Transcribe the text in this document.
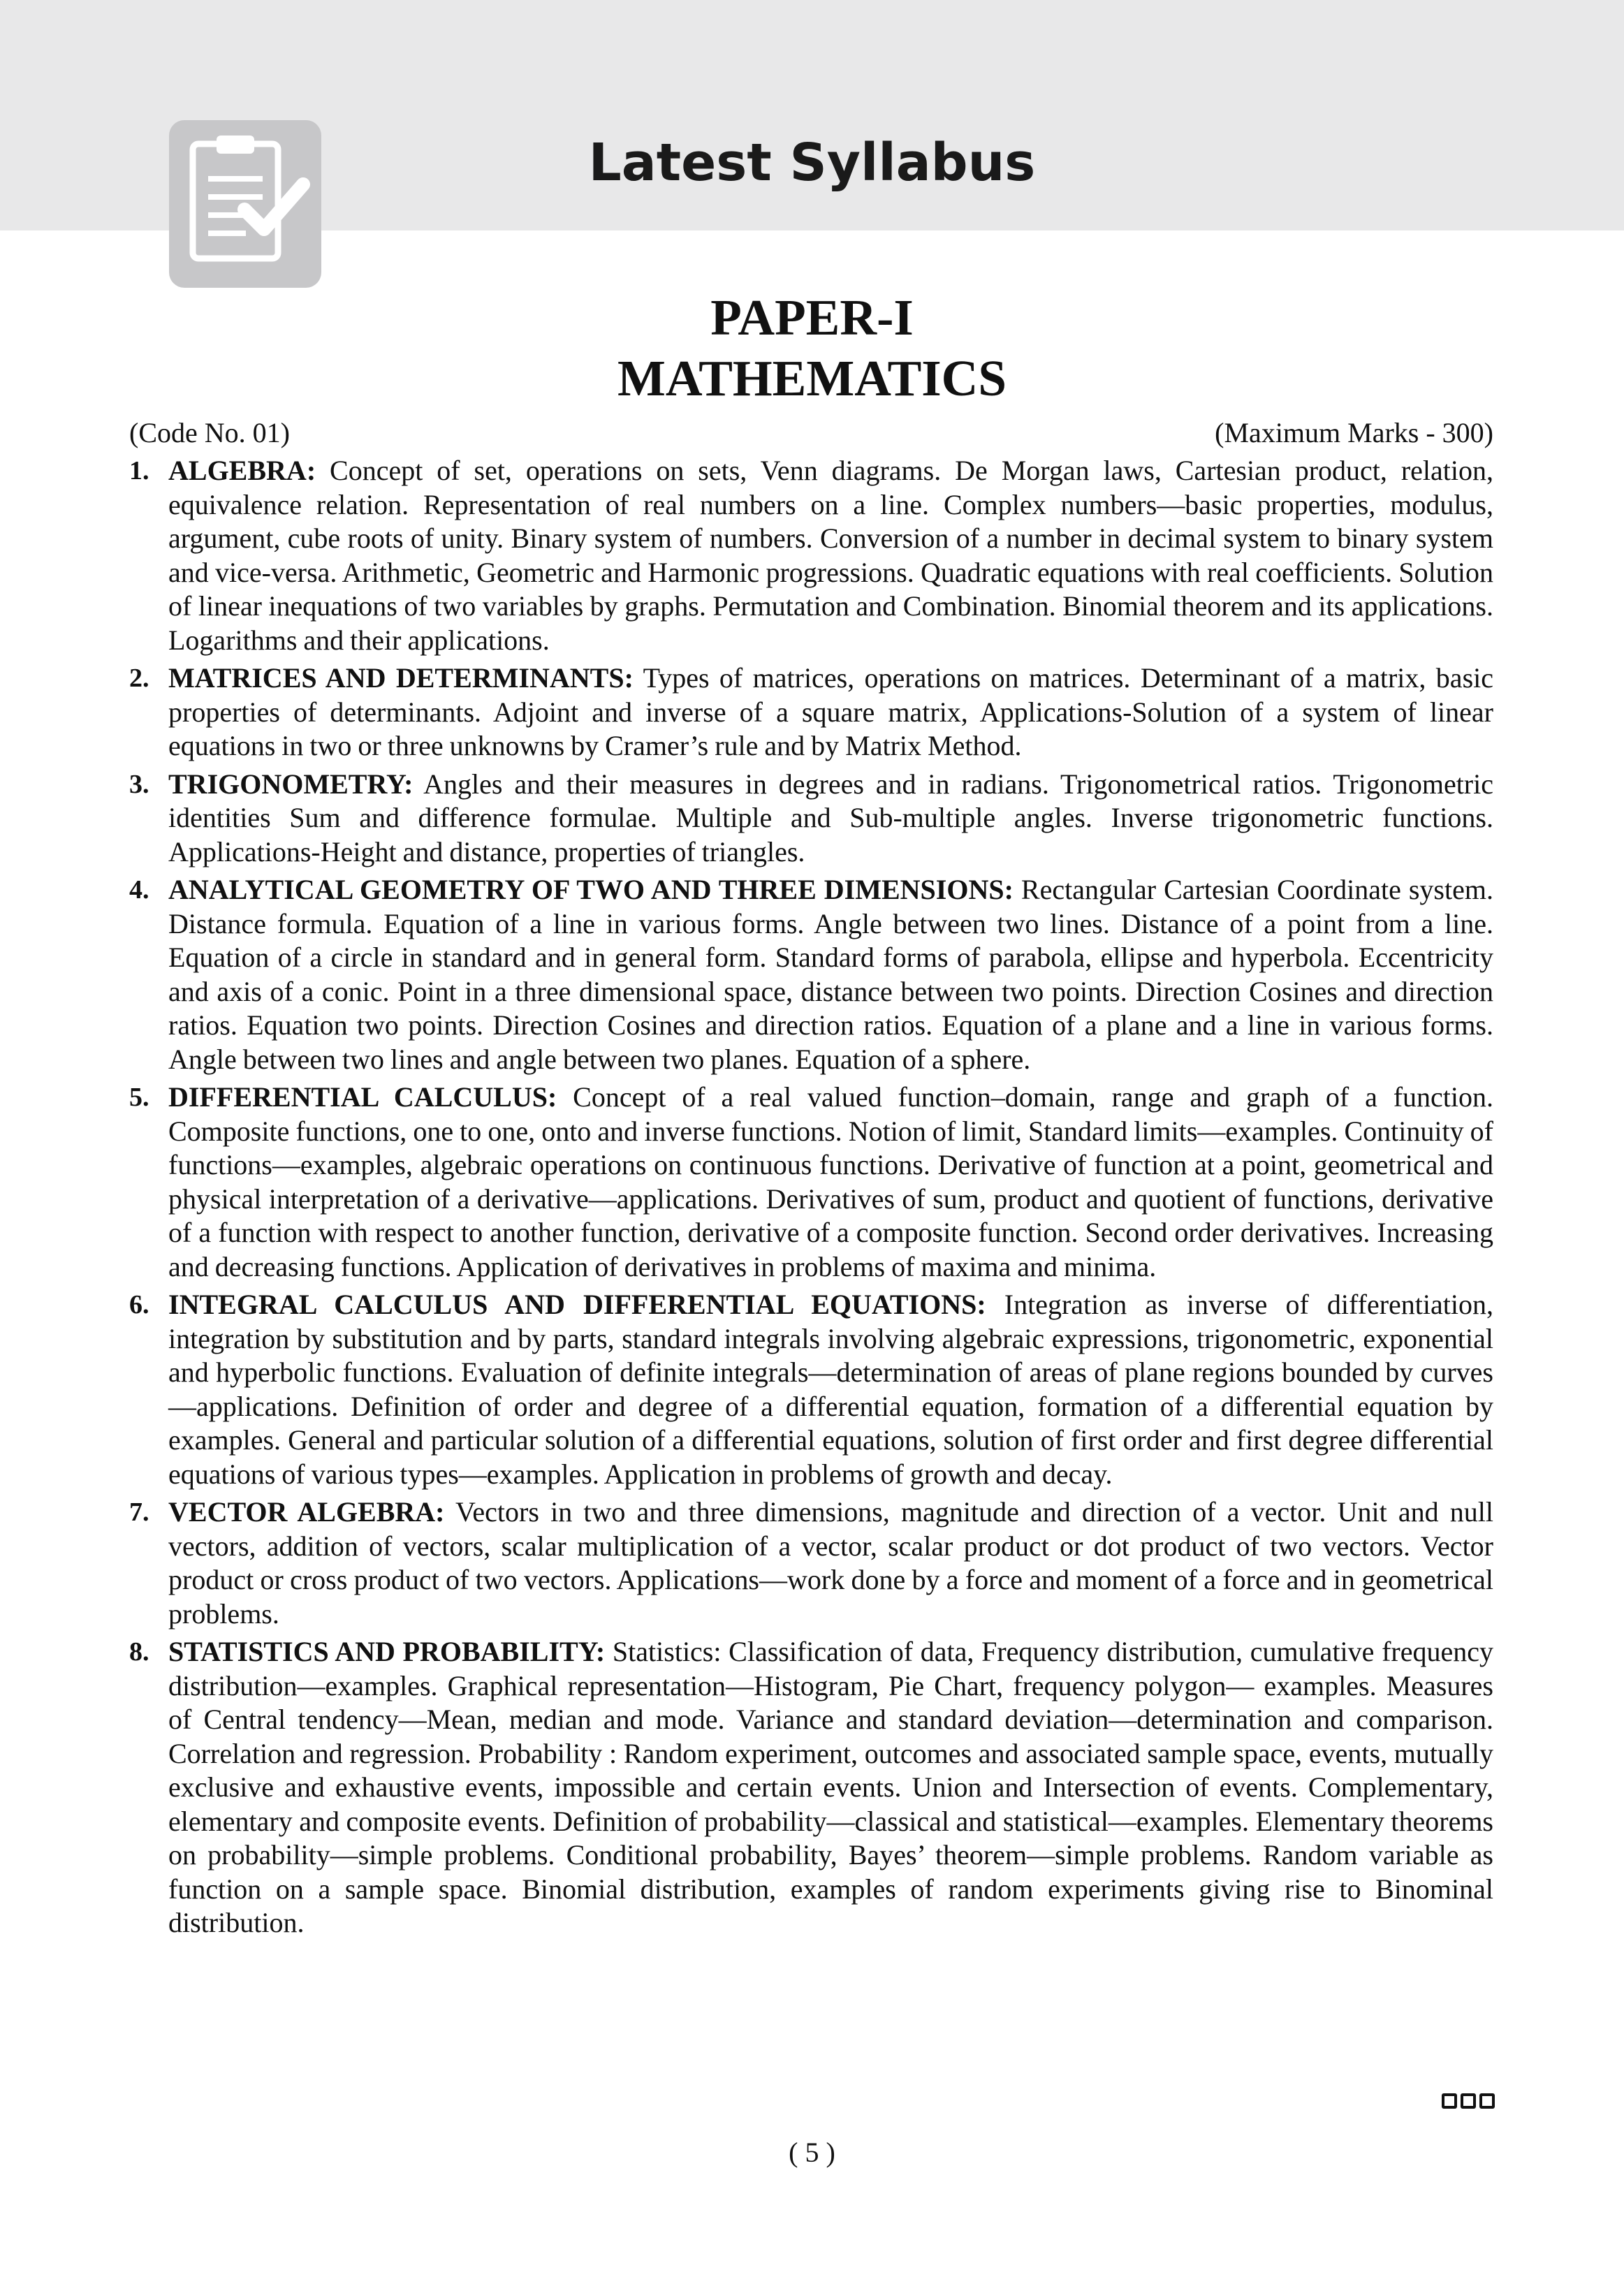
Latest Syllabus
PAPER-I
MATHEMATICS
(Code No. 01)	(Maximum Marks - 300)
1. ALGEBRA: Concept of set, operations on sets, Venn diagrams. De Morgan laws, Cartesian product, relation, equivalence relation. Representation of real numbers on a line. Complex numbers—basic properties, modulus, argument, cube roots of unity. Binary system of numbers. Conversion of a number in decimal system to binary system and vice-versa. Arithmetic, Geometric and Harmonic progressions. Quadratic equations with real coefficients. Solution of linear inequations of two variables by graphs. Permutation and Combination. Binomial theorem and its applications. Logarithms and their applications.
2. MATRICES AND DETERMINANTS: Types of matrices, operations on matrices. Determinant of a matrix, basic properties of determinants. Adjoint and inverse of a square matrix, Applications-Solution of a system of linear equations in two or three unknowns by Cramer’s rule and by Matrix Method.
3. TRIGONOMETRY: Angles and their measures in degrees and in radians. Trigonometrical ratios. Trigonometric identities Sum and difference formulae. Multiple and Sub-multiple angles. Inverse trigonometric functions. Applications-Height and distance, properties of triangles.
4. ANALYTICAL GEOMETRY OF TWO AND THREE DIMENSIONS: Rectangular Cartesian Coordinate system. Distance formula. Equation of a line in various forms. Angle between two lines. Distance of a point from a line. Equation of a circle in standard and in general form. Standard forms of parabola, ellipse and hyperbola. Eccentricity and axis of a conic. Point in a three dimensional space, distance between two points. Direction Cosines and direction ratios. Equation two points. Direction Cosines and direction ratios. Equation of a plane and a line in various forms. Angle between two lines and angle between two planes. Equation of a sphere.
5. DIFFERENTIAL CALCULUS: Concept of a real valued function–domain, range and graph of a function. Composite functions, one to one, onto and inverse functions. Notion of limit, Standard limits—examples. Continuity of functions—examples, algebraic operations on continuous functions. Derivative of function at a point, geometrical and physical interpretation of a derivative—applications. Derivatives of sum, product and quotient of functions, derivative of a function with respect to another function, derivative of a composite function. Second order derivatives. Increasing and decreasing functions. Application of derivatives in problems of maxima and minima.
6. INTEGRAL CALCULUS AND DIFFERENTIAL EQUATIONS: Integration as inverse of differentiation, integration by substitution and by parts, standard integrals involving algebraic expressions, trigonometric, exponential and hyperbolic functions. Evaluation of definite integrals—determination of areas of plane regions bounded by curves—applications. Definition of order and degree of a differential equation, formation of a differential equation by examples. General and particular solution of a differential equations, solution of first order and first degree differential equations of various types—examples. Application in problems of growth and decay.
7. VECTOR ALGEBRA: Vectors in two and three dimensions, magnitude and direction of a vector. Unit and null vectors, addition of vectors, scalar multiplication of a vector, scalar product or dot product of two vectors. Vector product or cross product of two vectors. Applications—work done by a force and moment of a force and in geometrical problems.
8. STATISTICS AND PROBABILITY: Statistics: Classification of data, Frequency distribution, cumulative frequency distribution—examples. Graphical representation—Histogram, Pie Chart, frequency polygon— examples. Measures of Central tendency—Mean, median and mode. Variance and standard deviation—determination and comparison. Correlation and regression. Probability : Random experiment, outcomes and associated sample space, events, mutually exclusive and exhaustive events, impossible and certain events. Union and Intersection of events. Complementary, elementary and composite events. Definition of probability—classical and statistical—examples. Elementary theorems on probability—simple problems. Conditional probability, Bayes’ theorem—simple problems. Random variable as function on a sample space. Binomial distribution, examples of random experiments giving rise to Binominal distribution.
( 5 )
